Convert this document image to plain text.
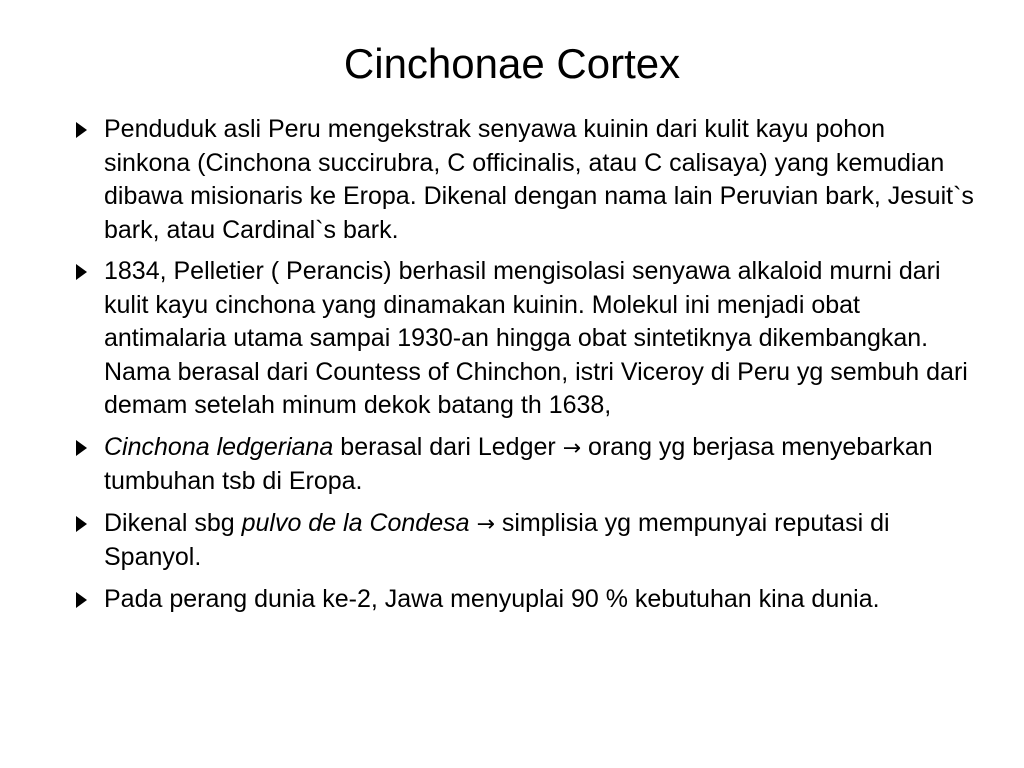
Cinchonae Cortex
Penduduk asli Peru mengekstrak senyawa kuinin dari kulit kayu pohon sinkona (Cinchona succirubra, C officinalis, atau C calisaya) yang kemudian dibawa misionaris ke Eropa. Dikenal dengan nama lain Peruvian bark, Jesuit`s bark, atau Cardinal`s bark.
1834, Pelletier ( Perancis) berhasil mengisolasi senyawa alkaloid murni dari kulit kayu cinchona yang dinamakan kuinin. Molekul ini menjadi obat antimalaria utama sampai 1930-an hingga obat sintetiknya dikembangkan. Nama berasal dari Countess of Chinchon, istri Viceroy di Peru yg sembuh dari demam setelah minum dekok batang th 1638,
Cinchona ledgeriana berasal dari Ledger → orang yg berjasa menyebarkan tumbuhan tsb di Eropa.
Dikenal sbg pulvo de la Condesa → simplisia yg mempunyai reputasi di Spanyol.
Pada perang dunia ke-2, Jawa menyuplai 90 % kebutuhan kina dunia.
